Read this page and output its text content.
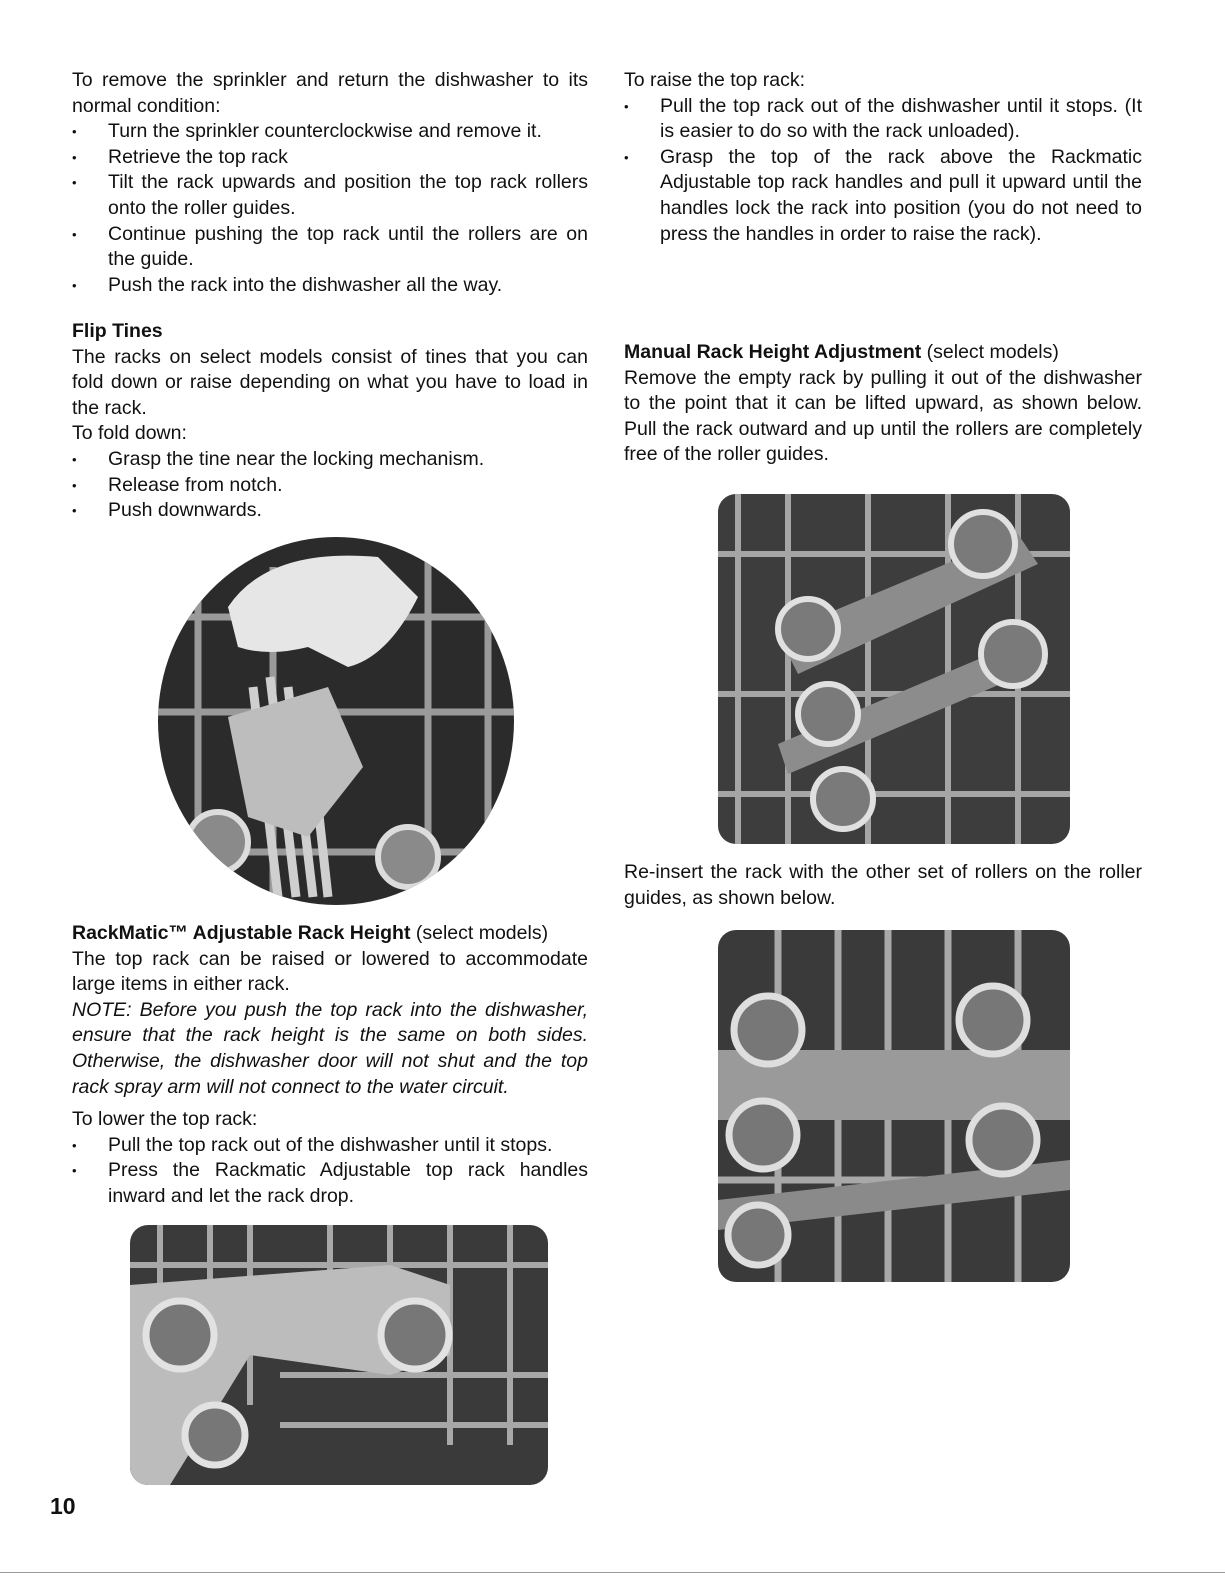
To remove the sprinkler and return the dishwasher to its normal condition:

• Turn the sprinkler counterclockwise and remove it.
• Retrieve the top rack
• Tilt the rack upwards and position the top rack rollers onto the roller guides.
• Continue pushing the top rack until the rollers are on the guide.
• Push the rack into the dishwasher all the way.

Flip Tines

The racks on select models consist of tines that you can fold down or raise depending on what you have to load in the rack.

To fold down:

• Grasp the tine near the locking mechanism.
• Release from notch.
• Push downwards.

RackMatic™ Adjustable Rack Height (select models)

The top rack can be raised or lowered to accommodate large items in either rack.

NOTE: Before you push the top rack into the dishwasher, ensure that the rack height is the same on both sides. Otherwise, the dishwasher door will not shut and the top rack spray arm will not connect to the water circuit.

To lower the top rack:

• Pull the top rack out of the dishwasher until it stops.
• Press the Rackmatic Adjustable top rack handles inward and let the rack drop.

To raise the top rack:

• Pull the top rack out of the dishwasher until it stops. (It is easier to do so with the rack unloaded).
• Grasp the top of the rack above the Rackmatic Adjustable top rack handles and pull it upward until the handles lock the rack into position (you do not need to press the handles in order to raise the rack).

Manual Rack Height Adjustment (select models)

Remove the empty rack by pulling it out of the dishwasher to the point that it can be lifted upward, as shown below. Pull the rack outward and up until the rollers are completely free of the roller guides.

Re-insert the rack with the other set of rollers on the roller guides, as shown below.

10
